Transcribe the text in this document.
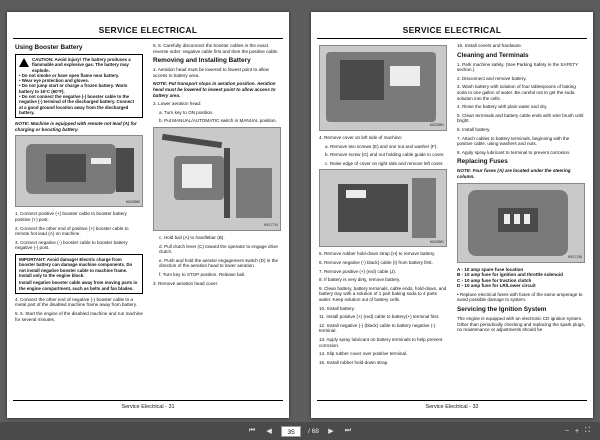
SERVICE ELECTRICAL
Using Booster Battery
CAUTION: Avoid injury! The battery produces a flammable and explosive gas. The battery may explode.
• Do not smoke or have open flame near battery.
• Wear eye protection and gloves.
• Do not jump start or charge a frozen battery. Warm battery to 16°C (60°F).
• Do not connect the negative (-) booster cable to the negative (-) terminal of the discharged battery. Connect at a good ground location away from the discharged battery.

NOTE: Machine is equipped with remote not lead (A) for charging or boosting battery.

MX23980

1. Connect positive (+) booster cable to booster battery positive (+) post.

2. Connect the other end of positive (+) booster cable to remote hot lead (A) on machine.

3. Connect negative (-) booster cable to booster battery negative (-) post.

IMPORTANT: Avoid damage! Electric charge from booster battery can damage machine components. Do not install negative booster cable to machine frame. Install only to the engine block.
Install negative booster cable away from moving parts in the engine compartment, such as belts and fan blades.

4. Connect the other end of negative (-) booster cable to a metal part of the disabled machine frame away from battery.

5. 5. Start the engine of the disabled machine and run machine for several minutes.

6. 6. Carefully disconnect the booster cables in the exact reverse order: negative cable first and then the positive cable.

Removing and Installing Battery

1. Aeration head must be lowered to lowest point to allow access to battery area.

NOTE: Put transport stops in aeration position. Aeration head must be lowered to lowest point to allow access to battery area.

2. Lower aeration head:

a. Turn key to ON position.

b. Put MANUAL/AUTOMATIC switch in MANUAL position.

MX17710

c. Hold bail (A) to handlebar (B).

d. Pull clutch lever (C) toward the operator to engage drive clutch.

e. Push and hold the aerator engagement switch (D) in the direction of the aeration head to lower aeration.

f. Turn key to STOP position. Release bail.

3. Remove aeration head cover.

Service Electrical - 31
SERVICE ELECTRICAL
MX23981

4. Remove cover on left side of machine:

a. Remove two screws (E) and one nut and washer (F).

b. Remove screw (G) and nut holding cable guide to cover.

c. Raise edge of cover on right side and remove left cover.

MX23981

5. Remove rubber hold-down strap (H) to remove battery.

6. Remove negative (-) black) cable (I) from battery first.

7. Remove positive (+) (red) cable (J).

8. If battery is very dirty, remove battery.

9. Clean battery, battery terminals, cable ends, hold-down, and battery tray with a solution of 1 part baking soda to 4 parts water. Keep solution out of battery cells.

10. Install battery.

11. Install positive (+) (red) cable to battery(+) terminal first.

12. Install negative (-) (black) cable to battery negative (-) terminal.

13. Apply spray lubricant on battery terminals to help prevent corrosion.

14. Slip rubber cover over positive terminal.

15. Install rubber hold-down strap.

16. Install covers and hardware.

Cleaning and Terminals

1. Park machine safely. (See Parking Safety in the SAFETY section.)

2. Disconnect and remove battery.

3. Wash battery with solution of four tablespoons of baking soda to one gallon of water. Be careful not to get the soda solution into the cells.

4. Rinse the battery with plain water and dry.

5. Clean terminals and battery cable ends with wire brush until bright.

6. Install battery.

7. Attach cables to battery terminals, beginning with the positive cable, using washers and nuts.

8. Apply spray lubricant to terminal to prevent corrosion.

Replacing Fuses

NOTE: Four fuses (A) are located under the steering column.

MX17136

A - 10 amp spare fuse location

B - 10 amp fuse for ignition and throttle solenoid

C - 10 amp fuse for traction clutch

D - 10 amp fuse for LR/Lower circuit

• Replace electrical fuses with fuses of the same amperage to avoid possible damage to system.

Servicing the Ignition System

The engine is equipped with an electronic CD ignition system. Other than periodically checking and replacing the spark plugs, no maintenance or adjustments should be

Service Electrical - 32
⏮	◀	35	/ 68	▶	⏭	− + ⛶
